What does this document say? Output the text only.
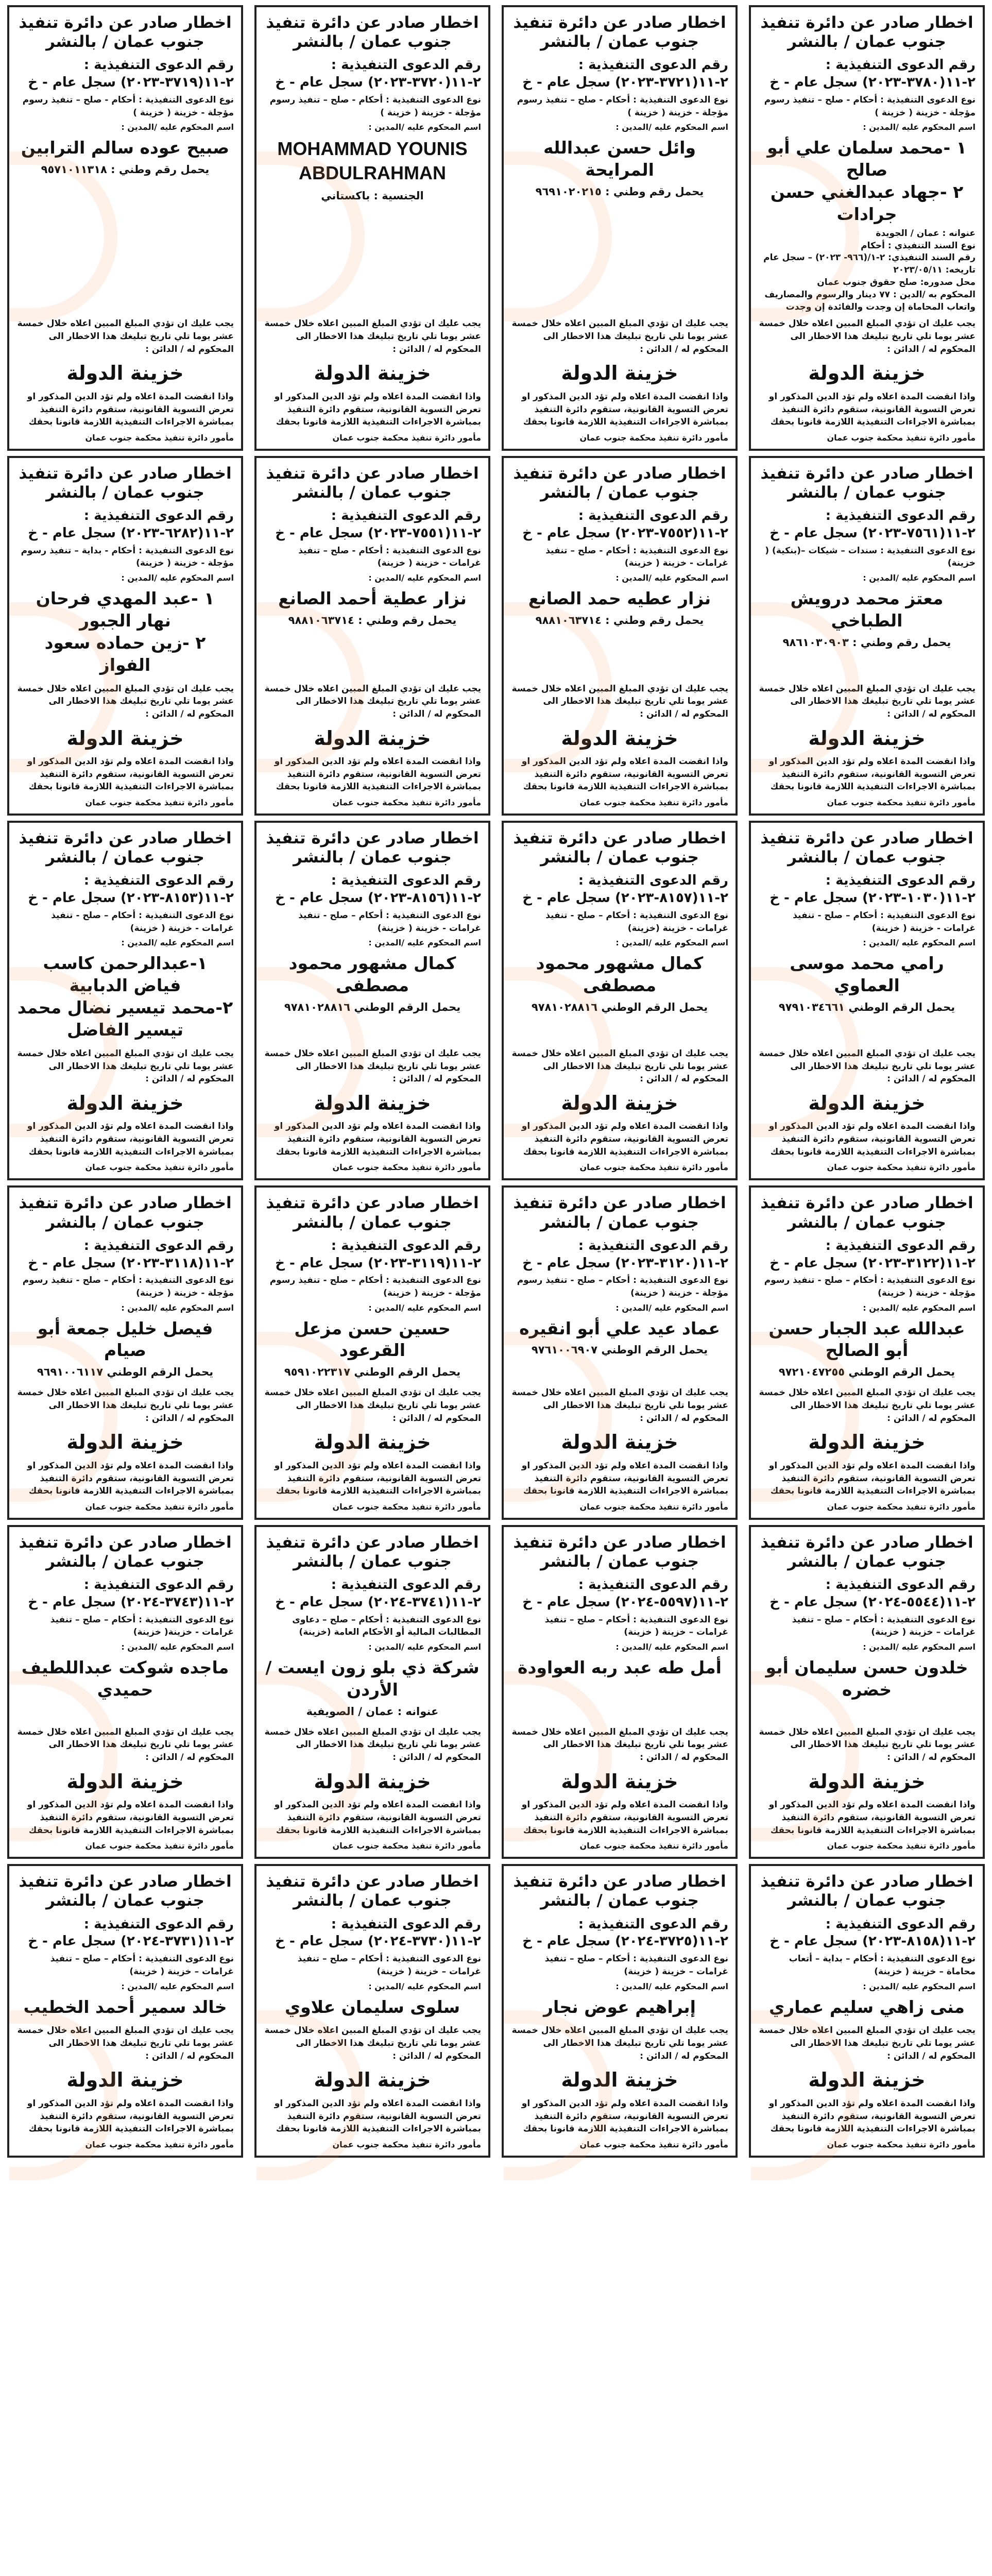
اخطار صادر عن دائرة تنفيذ
جنوب عمان / بالنشر
رقم الدعوى التنفيذية : ٢-١١(٣٧٨٠-٢٠٢٣) سجل عام - خ
نوع الدعوى التنفيذية : أحكام - صلح – تنفيذ رسوم مؤجلة - خزينة ( خزينة )
اسم المحكوم عليه /المدين :
١ -محمد سلمان علي أبو صالح
٢ -جهاد عبدالغني حسن جرادات
عنوانه : عمان / الجويدة
نوع السند التنفيذي : أحكام
رقم السند التنفيذي: ٢-١/(٩٦٦- ٢٠٢٣) – سجل عام
تاريخه: ٢٠٢٣/٠٥/١١
محل صدوره: صلح حقوق جنوب عمان
المحكوم به /الدين : ٧٧ دينار والرسوم والمصاريف واتعاب المحاماة إن وجدت والفائدة إن وجدت
يجب عليك ان تؤدي المبلغ المبين اعلاه خلال خمسة عشر يوما تلي تاريخ تبليغك هذا الاخطار الى المحكوم له / الدائن :
خزينة الدولة
واذا انقضت المدة اعلاه ولم تؤد الدين المذكور او تعرض التسوية القانونية، ستقوم دائرة التنفيذ بمباشرة الاجراءات التنفيذية اللازمة قانونا بحقك
مأمور دائرة تنفيذ محكمة جنوب عمان
اخطار صادر عن دائرة تنفيذ
جنوب عمان / بالنشر
رقم الدعوى التنفيذية : ٢-١١(٣٧٢١-٢٠٢٣) سجل عام - خ
نوع الدعوى التنفيذية : أحكام - صلح – تنفيذ رسوم مؤجلة - خزينة ( خزينة )
اسم المحكوم عليه /المدين :
وائل حسن عبدالله المرايحة
يحمل رقم وطني : ٩٦٩١٠٢٠٢١٥
يجب عليك ان تؤدي المبلغ المبين اعلاه خلال خمسة عشر يوما تلي تاريخ تبليغك هذا الاخطار الى المحكوم له / الدائن :
خزينة الدولة
واذا انقضت المدة اعلاه ولم تؤد الدين المذكور او تعرض التسوية القانونية، ستقوم دائرة التنفيذ بمباشرة الاجراءات التنفيذية اللازمة قانونا بحقك
مأمور دائرة تنفيذ محكمة جنوب عمان
اخطار صادر عن دائرة تنفيذ
جنوب عمان / بالنشر
رقم الدعوى التنفيذية : ٢-١١(٣٧٢٠-٢٠٢٣) سجل عام - خ
نوع الدعوى التنفيذية : أحكام - صلح – تنفيذ رسوم مؤجلة - خزينة ( خزينة )
اسم المحكوم عليه /المدين :
MOHAMMAD YOUNIS ABDULRAHMAN
الجنسية : باكستاني
يجب عليك ان تؤدي المبلغ المبين اعلاه خلال خمسة عشر يوما تلي تاريخ تبليغك هذا الاخطار الى المحكوم له / الدائن :
خزينة الدولة
واذا انقضت المدة اعلاه ولم تؤد الدين المذكور او تعرض التسوية القانونية، ستقوم دائرة التنفيذ بمباشرة الاجراءات التنفيذية اللازمة قانونا بحقك
مأمور دائرة تنفيذ محكمة جنوب عمان
اخطار صادر عن دائرة تنفيذ
جنوب عمان / بالنشر
رقم الدعوى التنفيذية : ٢-١١(٣٧١٩-٢٠٢٣) سجل عام - خ
نوع الدعوى التنفيذية : أحكام - صلح – تنفيذ رسوم مؤجلة - خزينة ( خزينة )
اسم المحكوم عليه /المدين :
صبيح عوده سالم الترابين
يحمل رقم وطني : ٩٥٧١٠١١٣١٨
يجب عليك ان تؤدي المبلغ المبين اعلاه خلال خمسة عشر يوما تلي تاريخ تبليغك هذا الاخطار الى المحكوم له / الدائن :
خزينة الدولة
واذا انقضت المدة اعلاه ولم تؤد الدين المذكور او تعرض التسوية القانونية، ستقوم دائرة التنفيذ بمباشرة الاجراءات التنفيذية اللازمة قانونا بحقك
مأمور دائرة تنفيذ محكمة جنوب عمان
اخطار صادر عن دائرة تنفيذ
جنوب عمان / بالنشر
رقم الدعوى التنفيذية : ٢-١١(٧٥٦١-٢٠٢٣) سجل عام - خ
نوع الدعوى التنفيذية : سندات – شيكات –(بنكية) ( خزينة)
اسم المحكوم عليه /المدين :
معتز محمد درويش الطباخي
يحمل رقم وطني : ٩٨٦١٠٣٠٩٠٣
يجب عليك ان تؤدي المبلغ المبين اعلاه خلال خمسة عشر يوما تلي تاريخ تبليغك هذا الاخطار الى المحكوم له / الدائن :
خزينة الدولة
واذا انقضت المدة اعلاه ولم تؤد الدين المذكور او تعرض التسوية القانونية، ستقوم دائرة التنفيذ بمباشرة الاجراءات التنفيذية اللازمة قانونا بحقك
مأمور دائرة تنفيذ محكمة جنوب عمان
اخطار صادر عن دائرة تنفيذ
جنوب عمان / بالنشر
رقم الدعوى التنفيذية : ٢-١١(٧٥٥٢-٢٠٢٣) سجل عام - خ
نوع الدعوى التنفيذية : أحكام - صلح – تنفيذ غرامات - خزينة ( خزينة)
اسم المحكوم عليه /المدين :
نزار عطيه حمد الصانع
يحمل رقم وطني : ٩٨٨١٠٦٣٧١٤
يجب عليك ان تؤدي المبلغ المبين اعلاه خلال خمسة عشر يوما تلي تاريخ تبليغك هذا الاخطار الى المحكوم له / الدائن :
خزينة الدولة
واذا انقضت المدة اعلاه ولم تؤد الدين المذكور او تعرض التسوية القانونية، ستقوم دائرة التنفيذ بمباشرة الاجراءات التنفيذية اللازمة قانونا بحقك
مأمور دائرة تنفيذ محكمة جنوب عمان
اخطار صادر عن دائرة تنفيذ
جنوب عمان / بالنشر
رقم الدعوى التنفيذية : ٢-١١(٧٥٥١-٢٠٢٣) سجل عام - خ
نوع الدعوى التنفيذية : أحكام - صلح – تنفيذ غرامات - خزينة ( خزينة)
اسم المحكوم عليه /المدين :
نزار عطية أحمد الصانع
يحمل رقم وطني : ٩٨٨١٠٦٣٧١٤
يجب عليك ان تؤدي المبلغ المبين اعلاه خلال خمسة عشر يوما تلي تاريخ تبليغك هذا الاخطار الى المحكوم له / الدائن :
خزينة الدولة
واذا انقضت المدة اعلاه ولم تؤد الدين المذكور او تعرض التسوية القانونية، ستقوم دائرة التنفيذ بمباشرة الاجراءات التنفيذية اللازمة قانونا بحقك
مأمور دائرة تنفيذ محكمة جنوب عمان
اخطار صادر عن دائرة تنفيذ
جنوب عمان / بالنشر
رقم الدعوى التنفيذية : ٢-١١(٦٢٨٢-٢٠٢٣) سجل عام - خ
نوع الدعوى التنفيذية : أحكام - بداية – تنفيذ رسوم مؤجلة - خزينة ( خزينة)
اسم المحكوم عليه /المدين :
١ -عبد المهدي فرحان نهار الجبور
٢ -زين حماده سعود الفواز
يجب عليك ان تؤدي المبلغ المبين اعلاه خلال خمسة عشر يوما تلي تاريخ تبليغك هذا الاخطار الى المحكوم له / الدائن :
خزينة الدولة
واذا انقضت المدة اعلاه ولم تؤد الدين المذكور او تعرض التسوية القانونية، ستقوم دائرة التنفيذ بمباشرة الاجراءات التنفيذية اللازمة قانونا بحقك
مأمور دائرة تنفيذ محكمة جنوب عمان
اخطار صادر عن دائرة تنفيذ
جنوب عمان / بالنشر
رقم الدعوى التنفيذية : ٢-١١(١٠٣٠-٢٠٢٣) سجل عام - خ
نوع الدعوى التنفيذية : أحكام – صلح - تنفيذ غرامات - خزينة ( خزينة)
اسم المحكوم عليه /المدين :
رامي محمد موسى العماوي
يحمل الرقم الوطني ٩٧٩١٠٣٤٦٦١
يجب عليك ان تؤدي المبلغ المبين اعلاه خلال خمسة عشر يوما تلي تاريخ تبليغك هذا الاخطار الى المحكوم له / الدائن :
خزينة الدولة
واذا انقضت المدة اعلاه ولم تؤد الدين المذكور او تعرض التسوية القانونية، ستقوم دائرة التنفيذ بمباشرة الاجراءات التنفيذية اللازمة قانونا بحقك
مأمور دائرة تنفيذ محكمة جنوب عمان
اخطار صادر عن دائرة تنفيذ
جنوب عمان / بالنشر
رقم الدعوى التنفيذية : ٢-١١(٨١٥٧-٢٠٢٣) سجل عام - خ
نوع الدعوى التنفيذية : أحكام – صلح - تنفيذ غرامات - خزينة (خزينة)
اسم المحكوم عليه /المدين :
كمال مشهور محمود مصطفى
يحمل الرقم الوطني ٩٧٨١٠٢٨٨١٦
يجب عليك ان تؤدي المبلغ المبين اعلاه خلال خمسة عشر يوما تلي تاريخ تبليغك هذا الاخطار الى المحكوم له / الدائن :
خزينة الدولة
واذا انقضت المدة اعلاه ولم تؤد الدين المذكور او تعرض التسوية القانونية، ستقوم دائرة التنفيذ بمباشرة الاجراءات التنفيذية اللازمة قانونا بحقك
مأمور دائرة تنفيذ محكمة جنوب عمان
اخطار صادر عن دائرة تنفيذ
جنوب عمان / بالنشر
رقم الدعوى التنفيذية : ٢-١١(٨١٥٦-٢٠٢٣) سجل عام - خ
نوع الدعوى التنفيذية : أحكام – صلح - تنفيذ غرامات - خزينة ( خزينة)
اسم المحكوم عليه /المدين :
كمال مشهور محمود مصطفى
يحمل الرقم الوطني ٩٧٨١٠٢٨٨١٦
يجب عليك ان تؤدي المبلغ المبين اعلاه خلال خمسة عشر يوما تلي تاريخ تبليغك هذا الاخطار الى المحكوم له / الدائن :
خزينة الدولة
واذا انقضت المدة اعلاه ولم تؤد الدين المذكور او تعرض التسوية القانونية، ستقوم دائرة التنفيذ بمباشرة الاجراءات التنفيذية اللازمة قانونا بحقك
مأمور دائرة تنفيذ محكمة جنوب عمان
اخطار صادر عن دائرة تنفيذ
جنوب عمان / بالنشر
رقم الدعوى التنفيذية : ٢-١١(٨١٥٣-٢٠٢٣) سجل عام - خ
نوع الدعوى التنفيذية : أحكام – صلح - تنفيذ غرامات - خزينة ( خزينة)
اسم المحكوم عليه /المدين :
١-عبدالرحمن كاسب فياض الدبابية
٢-محمد تيسير نضال محمد تيسير الفاضل
يجب عليك ان تؤدي المبلغ المبين اعلاه خلال خمسة عشر يوما تلي تاريخ تبليغك هذا الاخطار الى المحكوم له / الدائن :
خزينة الدولة
واذا انقضت المدة اعلاه ولم تؤد الدين المذكور او تعرض التسوية القانونية، ستقوم دائرة التنفيذ بمباشرة الاجراءات التنفيذية اللازمة قانونا بحقك
مأمور دائرة تنفيذ محكمة جنوب عمان
اخطار صادر عن دائرة تنفيذ
جنوب عمان / بالنشر
رقم الدعوى التنفيذية : ٢-١١(٣١٢٢-٢٠٢٣) سجل عام - خ
نوع الدعوى التنفيذية : أحكام – صلح - تنفيذ رسوم مؤجلة - خزينة ( خزينة)
اسم المحكوم عليه /المدين :
عبدالله عبد الجبار حسن أبو الصالح
يحمل الرقم الوطني ٩٧٢١٠٤٧٢٥٥
يجب عليك ان تؤدي المبلغ المبين اعلاه خلال خمسة عشر يوما تلي تاريخ تبليغك هذا الاخطار الى المحكوم له / الدائن :
خزينة الدولة
واذا انقضت المدة اعلاه ولم تؤد الدين المذكور او تعرض التسوية القانونية، ستقوم دائرة التنفيذ بمباشرة الاجراءات التنفيذية اللازمة قانونا بحقك
مأمور دائرة تنفيذ محكمة جنوب عمان
اخطار صادر عن دائرة تنفيذ
جنوب عمان / بالنشر
رقم الدعوى التنفيذية : ٢-١١(٣١٢٠-٢٠٢٣) سجل عام - خ
نوع الدعوى التنفيذية : أحكام – صلح - تنفيذ رسوم مؤجلة - خزينة ( خزينة)
اسم المحكوم عليه /المدين :
عماد عيد علي أبو انقيره
يحمل الرقم الوطني ٩٧٦١٠٠٦٩٠٧
يجب عليك ان تؤدي المبلغ المبين اعلاه خلال خمسة عشر يوما تلي تاريخ تبليغك هذا الاخطار الى المحكوم له / الدائن :
خزينة الدولة
واذا انقضت المدة اعلاه ولم تؤد الدين المذكور او تعرض التسوية القانونية، ستقوم دائرة التنفيذ بمباشرة الاجراءات التنفيذية اللازمة قانونا بحقك
مأمور دائرة تنفيذ محكمة جنوب عمان
اخطار صادر عن دائرة تنفيذ
جنوب عمان / بالنشر
رقم الدعوى التنفيذية : ٢-١١(٣١١٩-٢٠٢٣) سجل عام - خ
نوع الدعوى التنفيذية : أحكام – صلح - تنفيذ رسوم مؤجلة - خزينة ( خزينة)
اسم المحكوم عليه /المدين :
حسين حسن مزعل القرعود
يحمل الرقم الوطني ٩٥٩١٠٢٢٣١٧
يجب عليك ان تؤدي المبلغ المبين اعلاه خلال خمسة عشر يوما تلي تاريخ تبليغك هذا الاخطار الى المحكوم له / الدائن :
خزينة الدولة
واذا انقضت المدة اعلاه ولم تؤد الدين المذكور او تعرض التسوية القانونية، ستقوم دائرة التنفيذ بمباشرة الاجراءات التنفيذية اللازمة قانونا بحقك
مأمور دائرة تنفيذ محكمة جنوب عمان
اخطار صادر عن دائرة تنفيذ
جنوب عمان / بالنشر
رقم الدعوى التنفيذية : ٢-١١(٣١١٨-٢٠٢٣) سجل عام - خ
نوع الدعوى التنفيذية : أحكام – صلح - تنفيذ رسوم مؤجلة - خزينة ( خزينة)
اسم المحكوم عليه /المدين :
فيصل خليل جمعة أبو صيام
يحمل الرقم الوطني ٩٦٩١٠٠٦١١٧
يجب عليك ان تؤدي المبلغ المبين اعلاه خلال خمسة عشر يوما تلي تاريخ تبليغك هذا الاخطار الى المحكوم له / الدائن :
خزينة الدولة
واذا انقضت المدة اعلاه ولم تؤد الدين المذكور او تعرض التسوية القانونية، ستقوم دائرة التنفيذ بمباشرة الاجراءات التنفيذية اللازمة قانونا بحقك
مأمور دائرة تنفيذ محكمة جنوب عمان
اخطار صادر عن دائرة تنفيذ
جنوب عمان / بالنشر
رقم الدعوى التنفيذية : ٢-١١(٥٥٤٤-٢٠٢٤) سجل عام - خ
نوع الدعوى التنفيذية : أحكام – صلح – تنفيذ غرامات – خزينة ( خزينة)
اسم المحكوم عليه /المدين :
خلدون حسن سليمان أبو خضره
يجب عليك ان تؤدي المبلغ المبين اعلاه خلال خمسة عشر يوما تلي تاريخ تبليغك هذا الاخطار الى المحكوم له / الدائن :
خزينة الدولة
واذا انقضت المدة اعلاه ولم تؤد الدين المذكور او تعرض التسوية القانونية، ستقوم دائرة التنفيذ بمباشرة الاجراءات التنفيذية اللازمة قانونا بحقك
مأمور دائرة تنفيذ محكمة جنوب عمان
اخطار صادر عن دائرة تنفيذ
جنوب عمان / بالنشر
رقم الدعوى التنفيذية : ٢-١١(٥٥٩٧-٢٠٢٤) سجل عام - خ
نوع الدعوى التنفيذية : أحكام – صلح – تنفيذ غرامات – خزينة ( خزينة)
اسم المحكوم عليه /المدين :
أمل طه عبد ربه العواودة
يجب عليك ان تؤدي المبلغ المبين اعلاه خلال خمسة عشر يوما تلي تاريخ تبليغك هذا الاخطار الى المحكوم له / الدائن :
خزينة الدولة
واذا انقضت المدة اعلاه ولم تؤد الدين المذكور او تعرض التسوية القانونية، ستقوم دائرة التنفيذ بمباشرة الاجراءات التنفيذية اللازمة قانونا بحقك
مأمور دائرة تنفيذ محكمة جنوب عمان
اخطار صادر عن دائرة تنفيذ
جنوب عمان / بالنشر
رقم الدعوى التنفيذية : ٢-١١(٣٧٤١-٢٠٢٤) سجل عام - خ
نوع الدعوى التنفيذية : أحكام – صلح – دعاوى المطالبات المالية أو الأحكام العامة (خزينة)
اسم المحكوم عليه /المدين :
شركة ذي بلو زون ايست / الأردن
عنوانه : عمان / الصويفية
يجب عليك ان تؤدي المبلغ المبين اعلاه خلال خمسة عشر يوما تلي تاريخ تبليغك هذا الاخطار الى المحكوم له / الدائن :
خزينة الدولة
واذا انقضت المدة اعلاه ولم تؤد الدين المذكور او تعرض التسوية القانونية، ستقوم دائرة التنفيذ بمباشرة الاجراءات التنفيذية اللازمة قانونا بحقك
مأمور دائرة تنفيذ محكمة جنوب عمان
اخطار صادر عن دائرة تنفيذ
جنوب عمان / بالنشر
رقم الدعوى التنفيذية : ٢-١١(٣٧٤٣-٢٠٢٤) سجل عام - خ
نوع الدعوى التنفيذية : أحكام – صلح – تنفيذ غرامات - خزينة( خزينة)
اسم المحكوم عليه /المدين :
ماجده شوكت عبداللطيف حميدي
يجب عليك ان تؤدي المبلغ المبين اعلاه خلال خمسة عشر يوما تلي تاريخ تبليغك هذا الاخطار الى المحكوم له / الدائن :
خزينة الدولة
واذا انقضت المدة اعلاه ولم تؤد الدين المذكور او تعرض التسوية القانونية، ستقوم دائرة التنفيذ بمباشرة الاجراءات التنفيذية اللازمة قانونا بحقك
مأمور دائرة تنفيذ محكمة جنوب عمان
اخطار صادر عن دائرة تنفيذ
جنوب عمان / بالنشر
رقم الدعوى التنفيذية : ٢-١١(٨١٥٨-٢٠٢٣) سجل عام - خ
نوع الدعوى التنفيذية : أحكام – بداية – أتعاب محاماة – خزينة ( خزينة)
اسم المحكوم عليه /المدين :
منى زاهي سليم عماري
يجب عليك ان تؤدي المبلغ المبين اعلاه خلال خمسة عشر يوما تلي تاريخ تبليغك هذا الاخطار الى المحكوم له / الدائن :
خزينة الدولة
واذا انقضت المدة اعلاه ولم تؤد الدين المذكور او تعرض التسوية القانونية، ستقوم دائرة التنفيذ بمباشرة الاجراءات التنفيذية اللازمة قانونا بحقك
مأمور دائرة تنفيذ محكمة جنوب عمان
اخطار صادر عن دائرة تنفيذ
جنوب عمان / بالنشر
رقم الدعوى التنفيذية : ٢-١١(٣٧٢٥-٢٠٢٤) سجل عام - خ
نوع الدعوى التنفيذية : أحكام – صلح – تنفيذ غرامات – خزينة ( خزينة)
اسم المحكوم عليه /المدين :
إبراهيم عوض نجار
يجب عليك ان تؤدي المبلغ المبين اعلاه خلال خمسة عشر يوما تلي تاريخ تبليغك هذا الاخطار الى المحكوم له / الدائن :
خزينة الدولة
واذا انقضت المدة اعلاه ولم تؤد الدين المذكور او تعرض التسوية القانونية، ستقوم دائرة التنفيذ بمباشرة الاجراءات التنفيذية اللازمة قانونا بحقك
مأمور دائرة تنفيذ محكمة جنوب عمان
اخطار صادر عن دائرة تنفيذ
جنوب عمان / بالنشر
رقم الدعوى التنفيذية : ٢-١١(٣٧٣٠-٢٠٢٤) سجل عام - خ
نوع الدعوى التنفيذية : أحكام – صلح – تنفيذ غرامات – خزينة ( خزينة)
اسم المحكوم عليه /المدين :
سلوى سليمان علاوي
يجب عليك ان تؤدي المبلغ المبين اعلاه خلال خمسة عشر يوما تلي تاريخ تبليغك هذا الاخطار الى المحكوم له / الدائن :
خزينة الدولة
واذا انقضت المدة اعلاه ولم تؤد الدين المذكور او تعرض التسوية القانونية، ستقوم دائرة التنفيذ بمباشرة الاجراءات التنفيذية اللازمة قانونا بحقك
مأمور دائرة تنفيذ محكمة جنوب عمان
اخطار صادر عن دائرة تنفيذ
جنوب عمان / بالنشر
رقم الدعوى التنفيذية : ٢-١١(٣٧٣١-٢٠٢٤) سجل عام - خ
نوع الدعوى التنفيذية : أحكام – صلح – تنفيذ غرامات – خزينة ( خزينة)
اسم المحكوم عليه /المدين :
خالد سمير أحمد الخطيب
يجب عليك ان تؤدي المبلغ المبين اعلاه خلال خمسة عشر يوما تلي تاريخ تبليغك هذا الاخطار الى المحكوم له / الدائن :
خزينة الدولة
واذا انقضت المدة اعلاه ولم تؤد الدين المذكور او تعرض التسوية القانونية، ستقوم دائرة التنفيذ بمباشرة الاجراءات التنفيذية اللازمة قانونا بحقك
مأمور دائرة تنفيذ محكمة جنوب عمان
